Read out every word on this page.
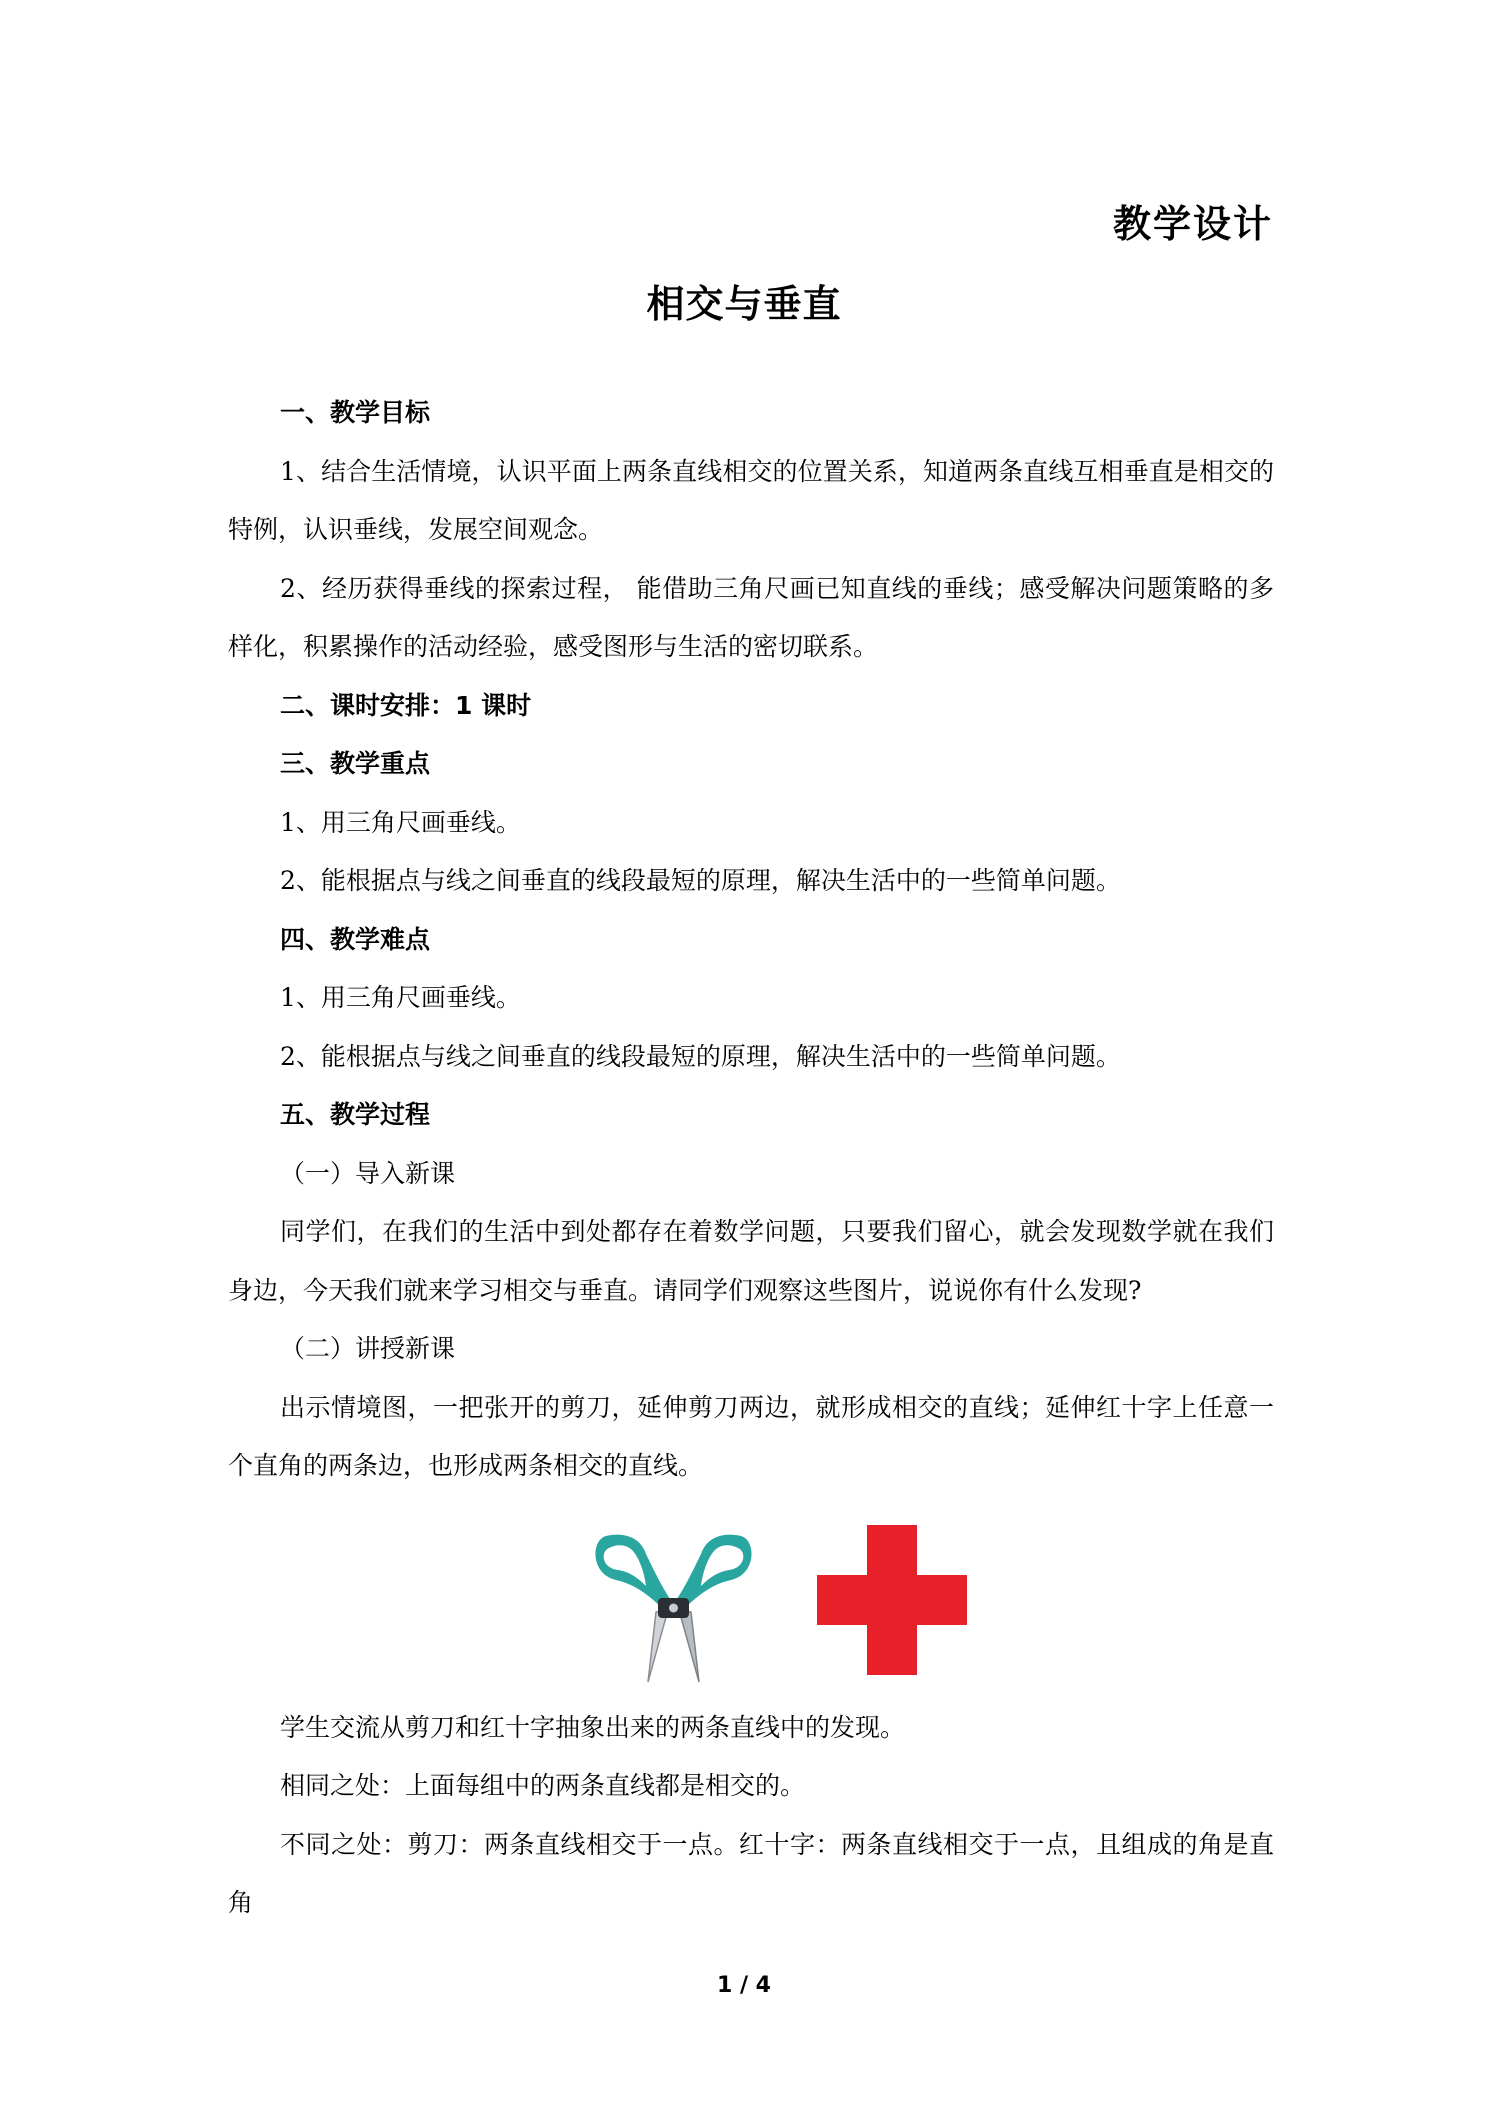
教学设计
相交与垂直

一、教学目标

1、结合生活情境，认识平面上两条直线相交的位置关系，知道两条直线互相垂直是相交的特例，认识垂线，发展空间观念。

2、经历获得垂线的探索过程， 能借助三角尺画已知直线的垂线；感受解决问题策略的多样化，积累操作的活动经验，感受图形与生活的密切联系。

二、课时安排：1 课时

三、教学重点

1、用三角尺画垂线。

2、能根据点与线之间垂直的线段最短的原理，解决生活中的一些简单问题。

四、教学难点

1、用三角尺画垂线。

2、能根据点与线之间垂直的线段最短的原理，解决生活中的一些简单问题。

五、教学过程

（一）导入新课

同学们，在我们的生活中到处都存在着数学问题，只要我们留心，就会发现数学就在我们身边，今天我们就来学习相交与垂直。请同学们观察这些图片，说说你有什么发现?

（二）讲授新课

出示情境图，一把张开的剪刀，延伸剪刀两边，就形成相交的直线；延伸红十字上任意一个直角的两条边，也形成两条相交的直线。

学生交流从剪刀和红十字抽象出来的两条直线中的发现。

相同之处：上面每组中的两条直线都是相交的。

不同之处：剪刀：两条直线相交于一点。红十字：两条直线相交于一点，且组成的角是直角

1 / 4
